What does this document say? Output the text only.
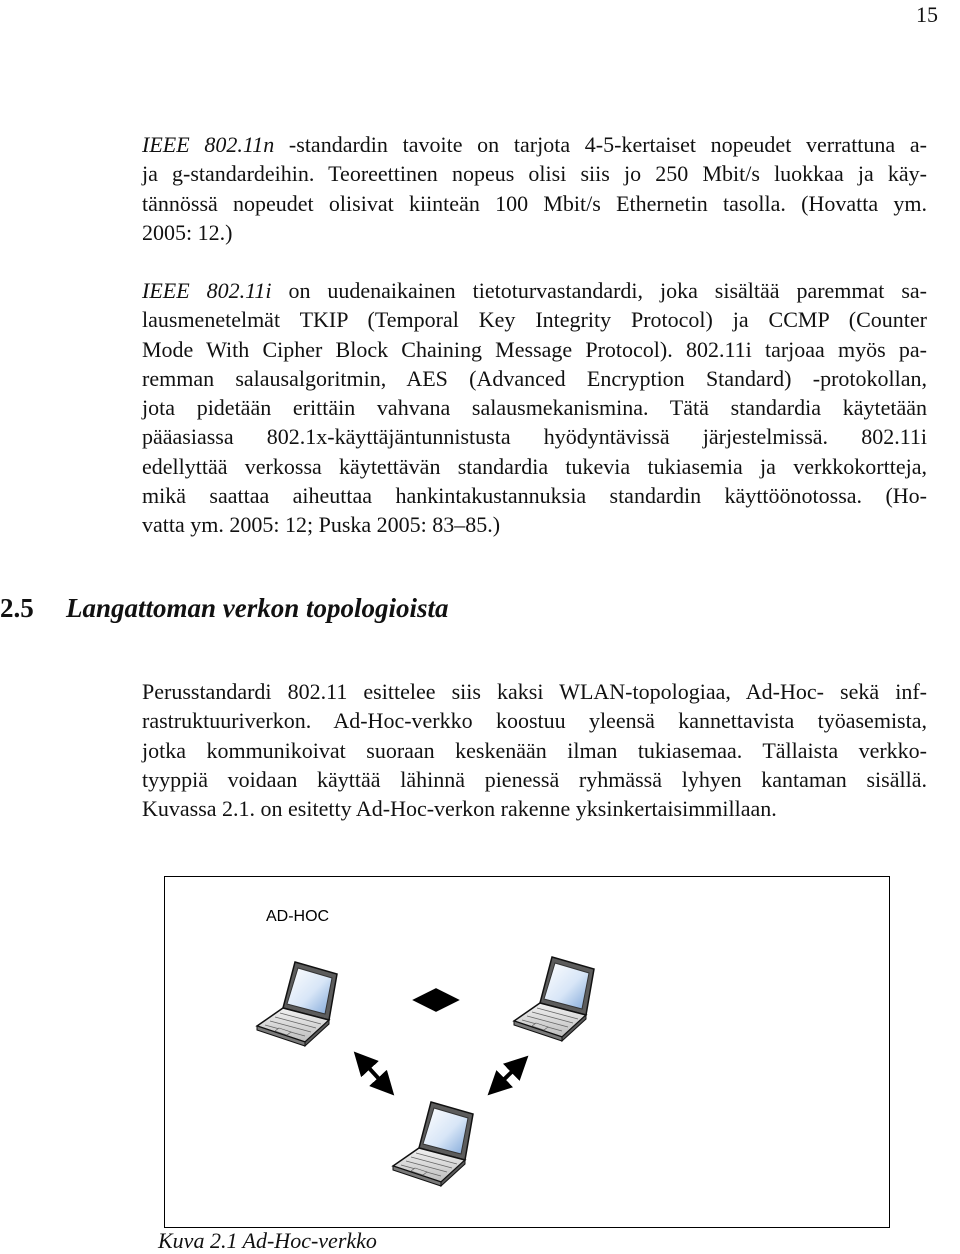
15
IEEE 802.11n -standardin tavoite on tarjota 4-5-kertaiset nopeudet verrattuna a-
ja g-standardeihin. Teoreettinen nopeus olisi siis jo 250 Mbit/s luokkaa ja käy-
tännössä nopeudet olisivat kiinteän 100 Mbit/s Ethernetin tasolla. (Hovatta ym.
2005: 12.)
IEEE 802.11i on uudenaikainen tietoturvastandardi, joka sisältää paremmat sa-
lausmenetelmät TKIP (Temporal Key Integrity Protocol) ja CCMP (Counter
Mode With Cipher Block Chaining Message Protocol). 802.11i tarjoaa myös pa-
remman salausalgoritmin, AES (Advanced Encryption Standard) -protokollan,
jota pidetään erittäin vahvana salausmekanismina. Tätä standardia käytetään
pääasiassa 802.1x-käyttäjäntunnistusta hyödyntävissä järjestelmissä. 802.11i
edellyttää verkossa käytettävän standardia tukevia tukiasemia ja verkkokortteja,
mikä saattaa aiheuttaa hankintakustannuksia standardin käyttöönotossa. (Ho-
vatta ym. 2005: 12; Puska 2005: 83–85.)
2.5 Langattoman verkon topologioista
Perusstandardi 802.11 esittelee siis kaksi WLAN-topologiaa, Ad-Hoc- sekä inf-
rastruktuuriverkon. Ad-Hoc-verkko koostuu yleensä kannettavista työasemista,
jotka kommunikoivat suoraan keskenään ilman tukiasemaa. Tällaista verkko-
tyyppiä voidaan käyttää lähinnä pienessä ryhmässä lyhyen kantaman sisällä.
Kuvassa 2.1. on esitetty Ad-Hoc-verkon rakenne yksinkertaisimmillaan.
AD-HOC
Kuva 2.1 Ad-Hoc-verkko
